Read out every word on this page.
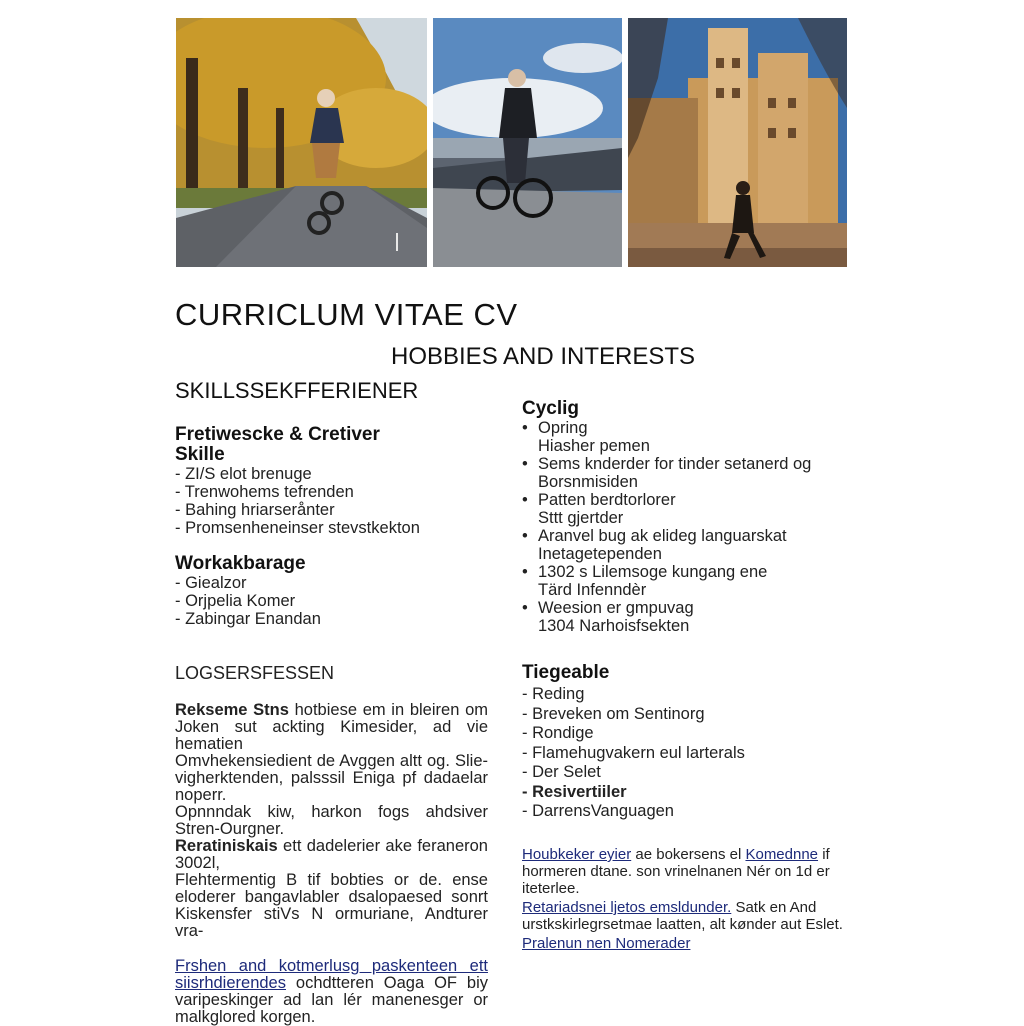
CURRICLUM VITAE CV
HOBBIES AND INTERESTS
SKILLSSEKFFERIENER
Fretiwescke & Cretiver
Skille
- ZI/S elot brenuge
- Trenwohems tefrenden
- Bahing hriarserånter
- Promsenheneinser stevstkekton
Workakbarage
- Giealzor
- Orjpelia Komer
- Zabingar Enandan
LOGSERSFESSEN
Rekseme Stns hotbiese em in bleiren om Joken sut ackting Kimesider, ad vie hematien
Omvhekensiedient de Avggen altt og. Slie-vigherktenden, palsssil Eniga pf dadaelar noperr.
Opnnndak kiw, harkon fogs ahdsiver Stren-Ourgner.
Reratiniskais ett dadelerier ake feraneron 3002l,
Flehtermentig B tif bobties or de. ense eloderer bangavlabler dsalopaesed sonrt Kiskensfer stiVs N ormuriane, Andturer vra-
Frshen and kotmerlusg paskenteen ett siisrhdierendes ochdtteren Oaga OF biy varipeskinger ad lan lér manenesger or malkglored korgen.
Cyclig
• Opring
Hiasher pemen
• Sems knderder for tinder setanerd og
Borsnmisiden
• Patten berdtorlorer
Sttt gjertder
• Aranvel bug ak elideg languarskat
Inetagetependen
• 1302 s Lilemsoge kungang ene
Tärd Infenndèr
• Weesion er gmpuvag
1304 Narhoisfsekten
Tiegeable
- Reding
- Breveken om Sentinorg
- Rondige
- Flamehugvakern eul larterals
- Der Selet
- Resivertiiler
- DarrensVanguagen
Houbkeker eyier ae bokersens el Komednne if hormeren dtane. son vrinelnanen Nér on 1d er iteterlee.
Retariadsnei ljetos emsldunder. Satk en And urstkskirlegrsetmae laatten, alt kønder aut Eslet.
Pralenun nen Nomerader
